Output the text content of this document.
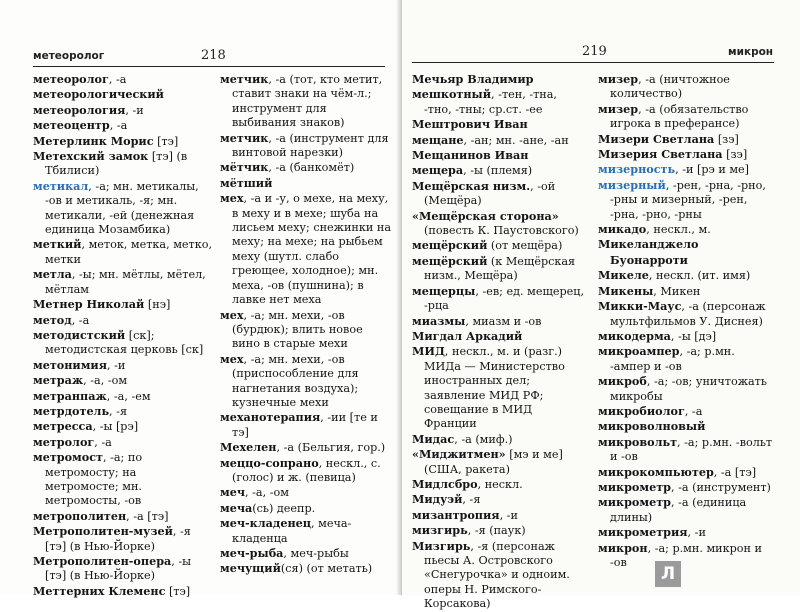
метеоролог	218

метеоролог, -а

метеорологический

метеорология, -и

метеоцентр, -а

Метерлинк Морис [тэ]

Метехский замок [тэ] (в Тбилиси)

метикал, -а; мн. метикалы, -ов и метикаль, -я; мн. метикали, -ей (денежная единица Мозамбика)

меткий, меток, метка, метко, метки

метла, -ы; мн. мётлы, мётел, мётлам

Метнер Николай [нэ]

метод, -а

методистский [ск]; методистская церковь [ск]

метонимия, -и

метраж, -а, -ом

метранпаж, -а, -ем

метрдотель, -я

метресса, -ы [рэ]

метролог, -а

метромост, -а; по метромосту; на метромосте; мн. метромосты, -ов

метрополитен, -а [тэ]

Метрополитен-музей, -я [тэ] (в Нью-Йорке)

Метрополитен-опера, -ы [тэ] (в Нью-Йорке)

Меттерних Клеменс [тэ]

метчик, -а (тот, кто метит, ставит знаки на чём-л.; инструмент для выбивания знаков)

метчик, -а (инструмент для винтовой нарезки)

мётчик, -а (банкомёт)

мётший

мех, -а и -у, о мехе, на меху, в меху и в мехе; шуба на лисьем меху; снежинки на меху; на мехе; на рыбьем меху (шутл. слабо греющее, холодное); мн. меха, -ов (пушнина); в лавке нет меха

мех, -а; мн. мехи, -ов (бурдюк); влить новое вино в старые мехи

мех, -а; мн. мехи, -ов (приспособление для нагнетания воздуха); кузнечные мехи

механотерапия, -ии [те и тэ]

Мехелен, -а (Бельгия, гор.)

меццо-сопрано, нескл., с. (голос) и ж. (певица)

меч, -а, -ом

меча(сь) деепр.

меч-кладенец, меча-кладенца

меч-рыба, меч-рыбы

мечущий(ся) (от метать)

219	микрон

Мечьяр Владимир

мешкотный, -тен, -тна, -тно, -тны; ср.ст. -ее

Мештрович Иван

мещане, -ан; мн. -ане, -ан

Мещанинов Иван

мещера, -ы (племя)

Мещёрская низм., -ой (Мещёра)

«Мещёрская сторона» (повесть К. Паустовского)

мещёрский (от мещёра)

мещёрский (к Мещёрская низм., Мещёра)

мещерцы, -ев; ед. мещерец, -рца

миазмы, миазм и -ов

Мигдал Аркадий

МИД, нескл., м. и (разг.) МИДа — Министерство иностранных дел; заявление МИД РФ; совещание в МИД Франции

Мидас, -а (миф.)

«Миджитмен» [мэ и ме] (США, ракета)

Мидлсбро, нескл.

Мидуэй, -я

мизантропия, -и

мизгирь, -я (паук)

Мизгирь, -я (персонаж пьесы А. Островского «Снегурочка» и одноим. оперы Н. Римского-Корсакова)

мизер, -а (ничтожное количество)

мизер, -а (обязательство игрока в преферансе)

Мизери Светлана [зэ]

Мизерия Светлана [зэ]

мизерность, -и [рэ и ме]

мизерный, -рен, -рна, -рно, -рны и мизерный, -рен, -рна, -рно, -рны

микадо, нескл., м.

Микеланджело Буонарроти

Микеле, нескл. (ит. имя)

Микены, Микен

Микки-Маус, -а (персонаж мультфильмов У. Диснея)

микодерма, -ы [дэ]

микроампер, -а; р.мн. -ампер и -ов

микроб, -а; -ов; уничтожать микробы

микробиолог, -а

микроволновый

микровольт, -а; р.мн. -вольт и -ов

микрокомпьютер, -а [тэ]

микрометр, -а (инструмент)

микрометр, -а (единица длины)

микрометрия, -и

микрон, -а; р.мн. микрон и -ов

Л
